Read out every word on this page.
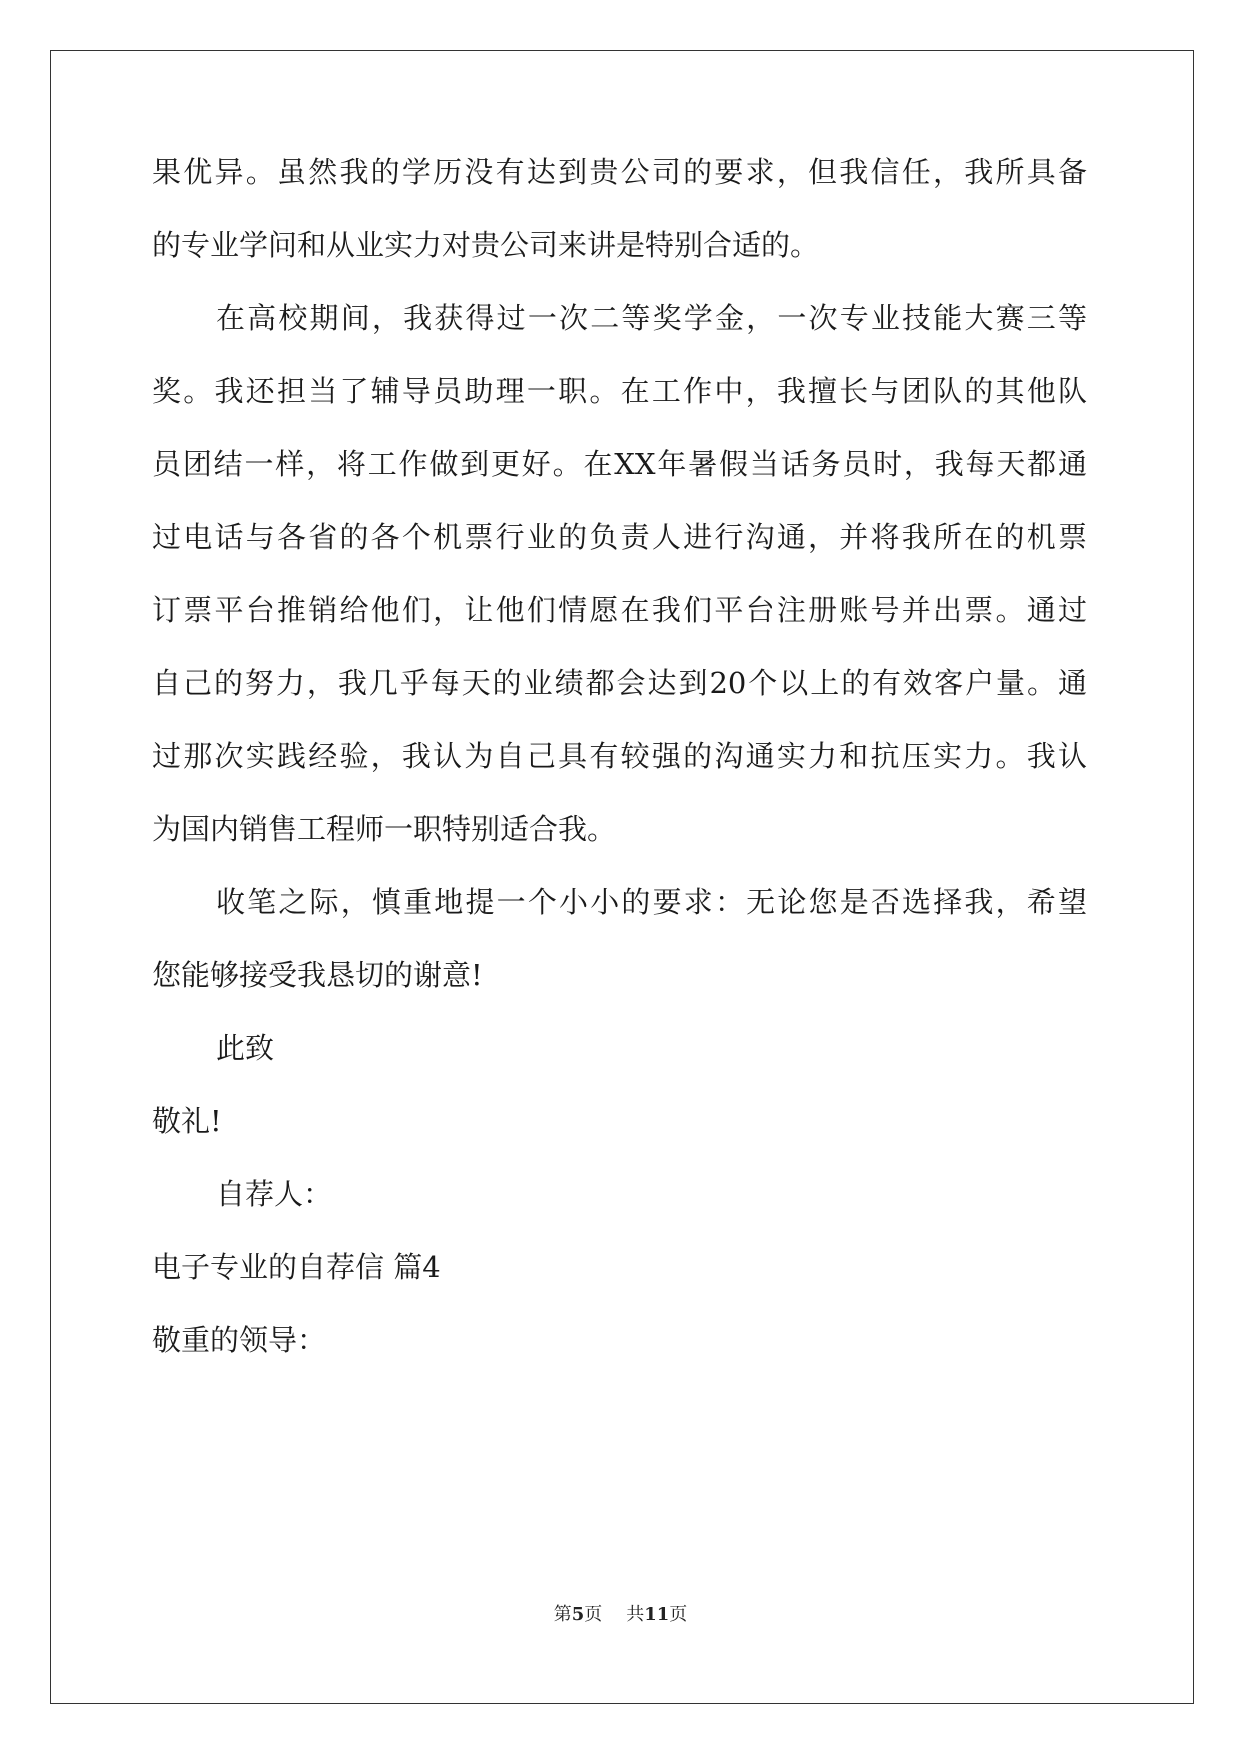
果优异。虽然我的学历没有达到贵公司的要求，但我信任，我所具备
的专业学问和从业实力对贵公司来讲是特别合适的。
在高校期间，我获得过一次二等奖学金，一次专业技能大赛三等
奖。我还担当了辅导员助理一职。在工作中，我擅长与团队的其他队
员团结一样，将工作做到更好。在XX年暑假当话务员时，我每天都通
过电话与各省的各个机票行业的负责人进行沟通，并将我所在的机票
订票平台推销给他们，让他们情愿在我们平台注册账号并出票。通过
自己的努力，我几乎每天的业绩都会达到20个以上的有效客户量。通
过那次实践经验，我认为自己具有较强的沟通实力和抗压实力。我认
为国内销售工程师一职特别适合我。
收笔之际，慎重地提一个小小的要求：无论您是否选择我，希望
您能够接受我恳切的谢意!
此致
敬礼!
自荐人：
电子专业的自荐信 篇4
敬重的领导：
第5页 共11页
